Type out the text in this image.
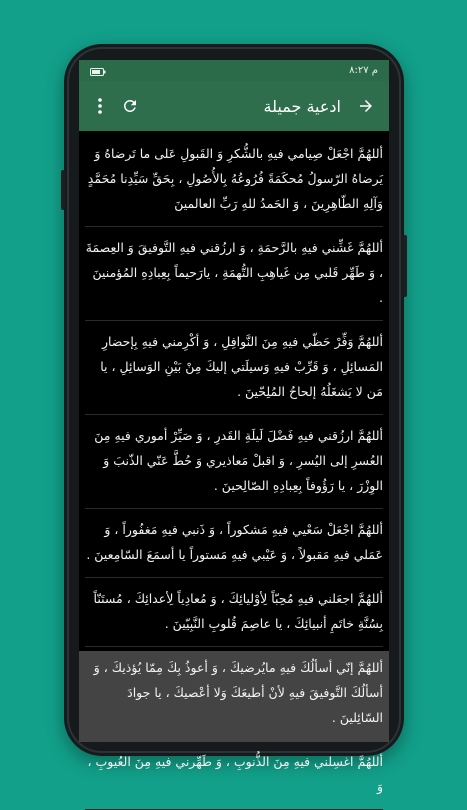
م ٨:٢٧
ادعية جميلة

أللهُمَّ اجْعَلْ صِيامي فيهِ بالشُّكرِ وَ القَبولِ عَلى ما تَرضاهُ وَ يَرضاهُ الرّسولُ مُحكَمَةً فُرُوعُهُ بِالأُصُولِ ، بِحَقِّ سَيِّدِنا مُحَمَّدٍ وَآلِهِ الطّاهِرِينَ ، وَ الحَمدُ للهِ رَبِّ العالمينَ

أللهُمَّ غَشِّني فيهِ بالرَّحمَةِ ، وَ ارزُقني فيهِ التَّوفيقَ وَ العِصمَةَ ، وَ طَهِّر قَلبي مِن غَياهِبِ التُّهمَةِ ، يارَحيماً بِعِبادِهِ المُؤمنينَ .

أللهُمَّ وَفِّرْ حَظّي فيهِ مِنَ النَّوافِلِ ، وَ أكْرِمني فيهِ بِإحضارِ المَسائِلِ ، وَ قَرِّبْ فيهِ وَسيلَتي إليكَ مِنْ بَيْنِ الوَسائِلِ ، يا مَن لا يَشغَلُهُ إلحاحُ المُلِحّينَ .

أللهُمَّ ارزُقني فيهِ فَضْلَ لَيلَةِ القَدرِ ، وَ صَيِّرْ أموري فيهِ مِنَ العُسرِ إلى اليُسرِ ، وَ اقبلْ مَعاذيري وَ حُطَّ عَنّي الذّنبَ وَ الوِزْرَ ، يا رَؤُوفاً بِعِبادِهِ الصّالِحينَ .

أللهُمَّ اجْعَلْ سَعْيي فيهِ مَشكوراً ، وَ ذَنبي فيهِ مَغفُوراً ، وَ عَمَلي فيهِ مَقبولاً ، وَ عَيْبي فيهِ مَستوراً يا أسمَعَ السّامِعينَ .

أللهُمَّ اجعَلني فيهِ مُحِبّاً لِأوْليائِكَ ، وَ مُعادِياً لِأعدائِكَ ، مُستَنّاً بِسُنَّةِ خاتَمِ أنبيائِكَ ، يا عاصِمَ قُلوبِ النَّبِيّينَ .

أللهُمَّ إنّي أسألُكَ فيهِ مايُرضيكَ ، وَ أعوذُ بِكَ مِمّا يُؤذيكَ ، وَ أسألُكَ التَّوفيقَ فيهِ لأنْ أطيعَكَ وَلا أعْصيكَ ، يا جوادَ السّائِلينَ .

أللهُمَّ اغسِلني فيهِ مِنَ الذُّنوبِ ، وَ طَهِّرني فيهِ مِنَ العُيوبِ ، وَ
